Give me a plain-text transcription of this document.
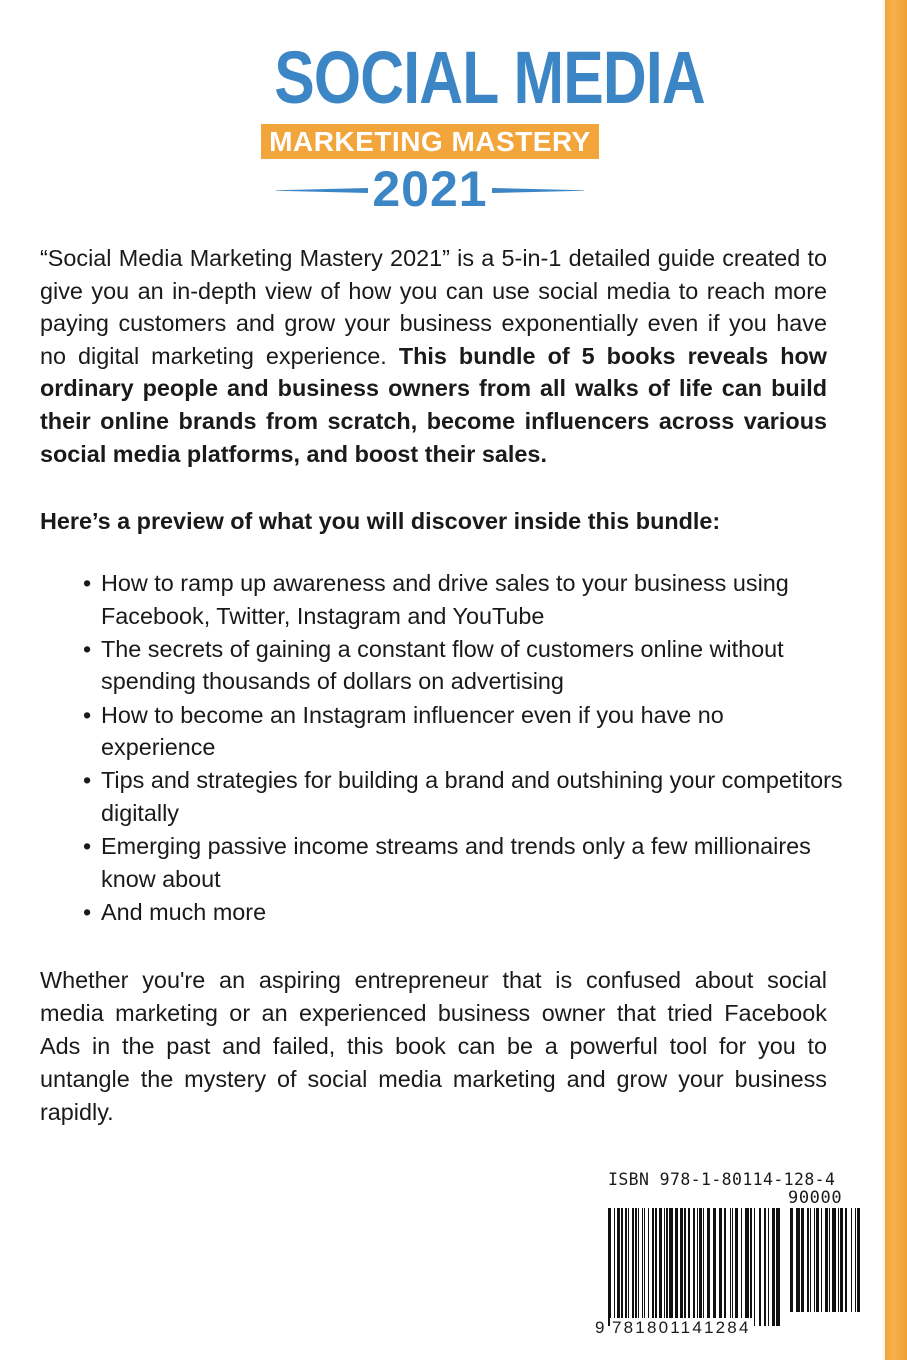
SOCIAL MEDIA
MARKETING MASTERY
2021

“Social Media Marketing Mastery 2021” is a 5-in-1 detailed guide created to give you an in-depth view of how you can use social media to reach more paying customers and grow your business exponentially even if you have no digital marketing experience. This bundle of 5 books reveals how ordinary people and business owners from all walks of life can build their online brands from scratch, become influencers across various social media platforms, and boost their sales.

Here’s a preview of what you will discover inside this bundle:

• How to ramp up awareness and drive sales to your business using Facebook, Twitter, Instagram and YouTube
• The secrets of gaining a constant flow of customers online without spending thousands of dollars on advertising
• How to become an Instagram influencer even if you have no experience
• Tips and strategies for building a brand and outshining your competitors digitally
• Emerging passive income streams and trends only a few millionaires know about
• And much more

Whether you're an aspiring entrepreneur that is confused about social media marketing or an experienced business owner that tried Facebook Ads in the past and failed, this book can be a powerful tool for you to untangle the mystery of social media marketing and grow your business rapidly.

ISBN 978-1-80114-128-4
90000
9 781801141284
